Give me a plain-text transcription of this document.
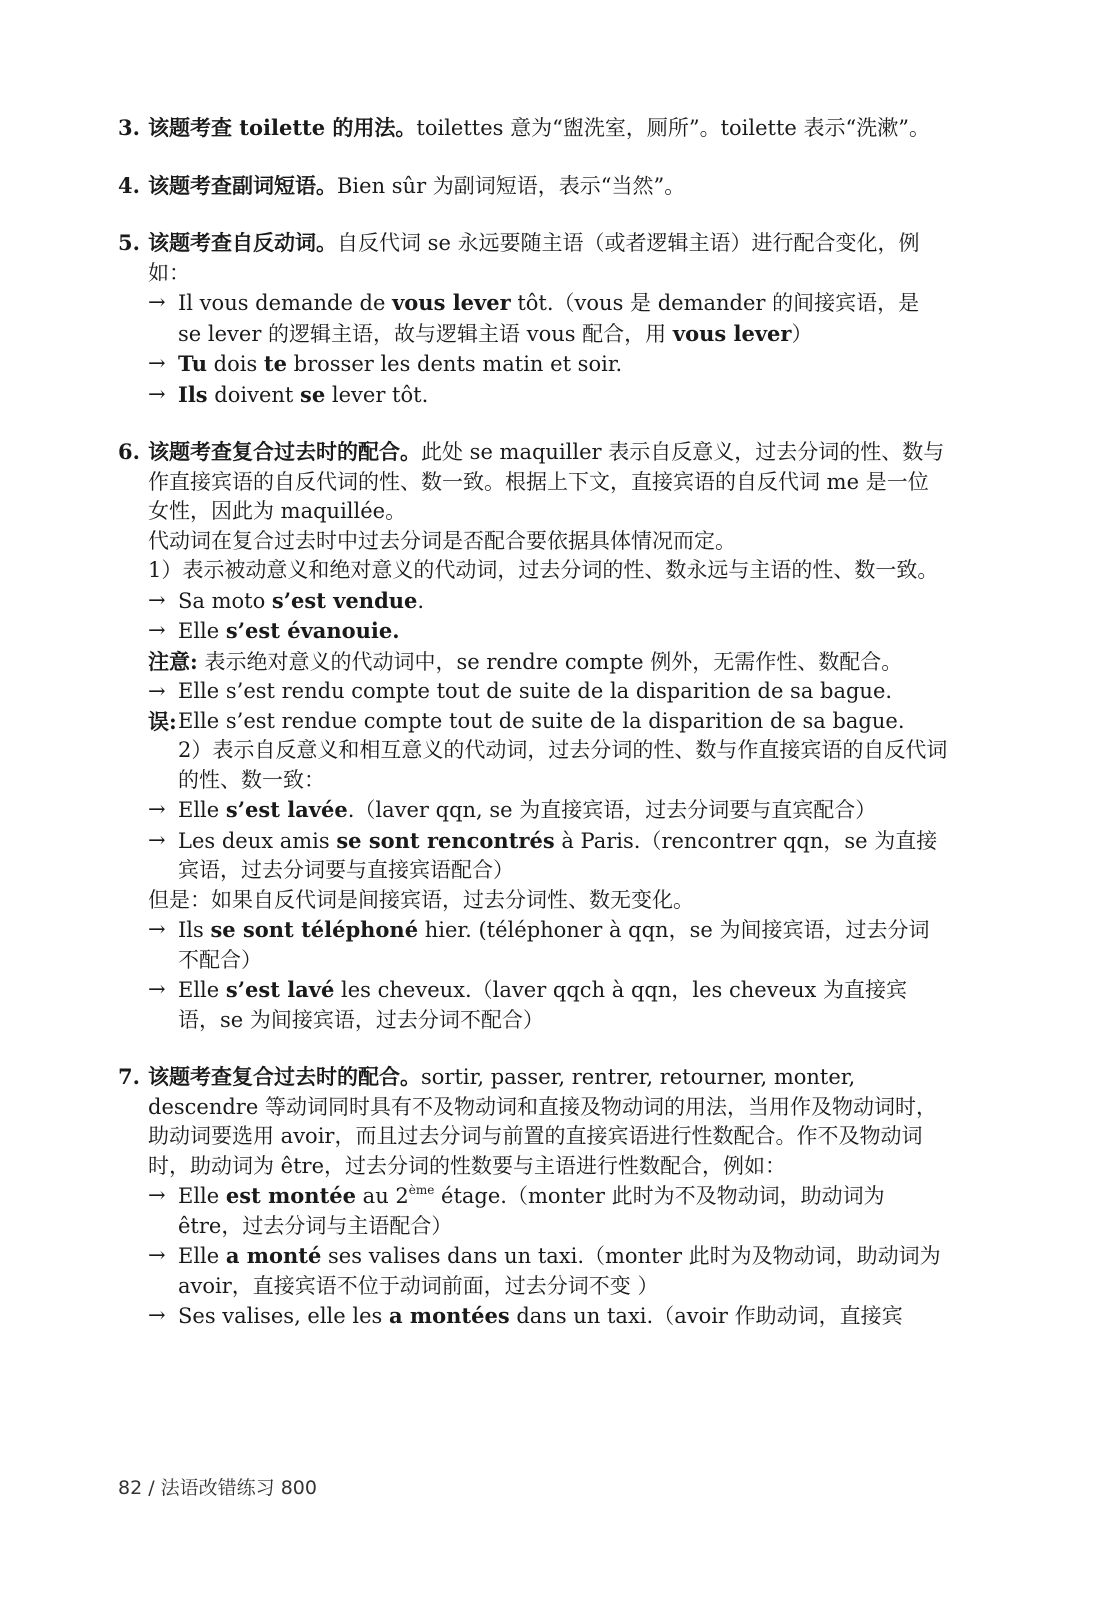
3. 该题考查 toilette 的用法。toilettes 意为“盥洗室，厕所”。toilette 表示“洗漱”。
4. 该题考查副词短语。Bien sûr 为副词短语，表示“当然”。
5. 该题考查自反动词。自反代词 se 永远要随主语（或者逻辑主语）进行配合变化，例如：
→ Il vous demande de vous lever tôt.（vous 是 demander 的间接宾语，是 se lever 的逻辑主语，故与逻辑主语 vous 配合，用 vous lever）
→ Tu dois te brosser les dents matin et soir.
→ Ils doivent se lever tôt.
6. 该题考查复合过去时的配合。此处 se maquiller 表示自反意义，过去分词的性、数与作直接宾语的自反代词的性、数一致。根据上下文，直接宾语的自反代词 me 是一位女性，因此为 maquillée。
代动词在复合过去时中过去分词是否配合要依据具体情况而定。
1）表示被动意义和绝对意义的代动词，过去分词的性、数永远与主语的性、数一致。
→ Sa moto s’est vendue.
→ Elle s’est évanouie.
注意: 表示绝对意义的代动词中，se rendre compte 例外，无需作性、数配合。
→ Elle s’est rendu compte tout de suite de la disparition de sa bague.
误: Elle s’est rendue compte tout de suite de la disparition de sa bague.
2）表示自反意义和相互意义的代动词，过去分词的性、数与作直接宾语的自反代词的性、数一致：
→ Elle s’est lavée.（laver qqn, se 为直接宾语，过去分词要与直宾配合）
→ Les deux amis se sont rencontrés à Paris.（rencontrer qqn，se 为直接宾语，过去分词要与直接宾语配合）
但是：如果自反代词是间接宾语，过去分词性、数无变化。
→ Ils se sont téléphoné hier. (téléphoner à qqn，se 为间接宾语，过去分词不配合）
→ Elle s’est lavé les cheveux.（laver qqch à qqn，les cheveux 为直接宾语，se 为间接宾语，过去分词不配合）
7. 该题考查复合过去时的配合。sortir, passer, rentrer, retourner, monter, descendre 等动词同时具有不及物动词和直接及物动词的用法，当用作及物动词时，助动词要选用 avoir，而且过去分词与前置的直接宾语进行性数配合。作不及物动词时，助动词为 être，过去分词的性数要与主语进行性数配合，例如：
→ Elle est montée au 2ème étage.（monter 此时为不及物动词，助动词为 être，过去分词与主语配合）
→ Elle a monté ses valises dans un taxi.（monter 此时为及物动词，助动词为 avoir，直接宾语不位于动词前面，过去分词不变 ）
→ Ses valises, elle les a montées dans un taxi.（avoir 作助动词，直接宾
82 / 法语改错练习 800
